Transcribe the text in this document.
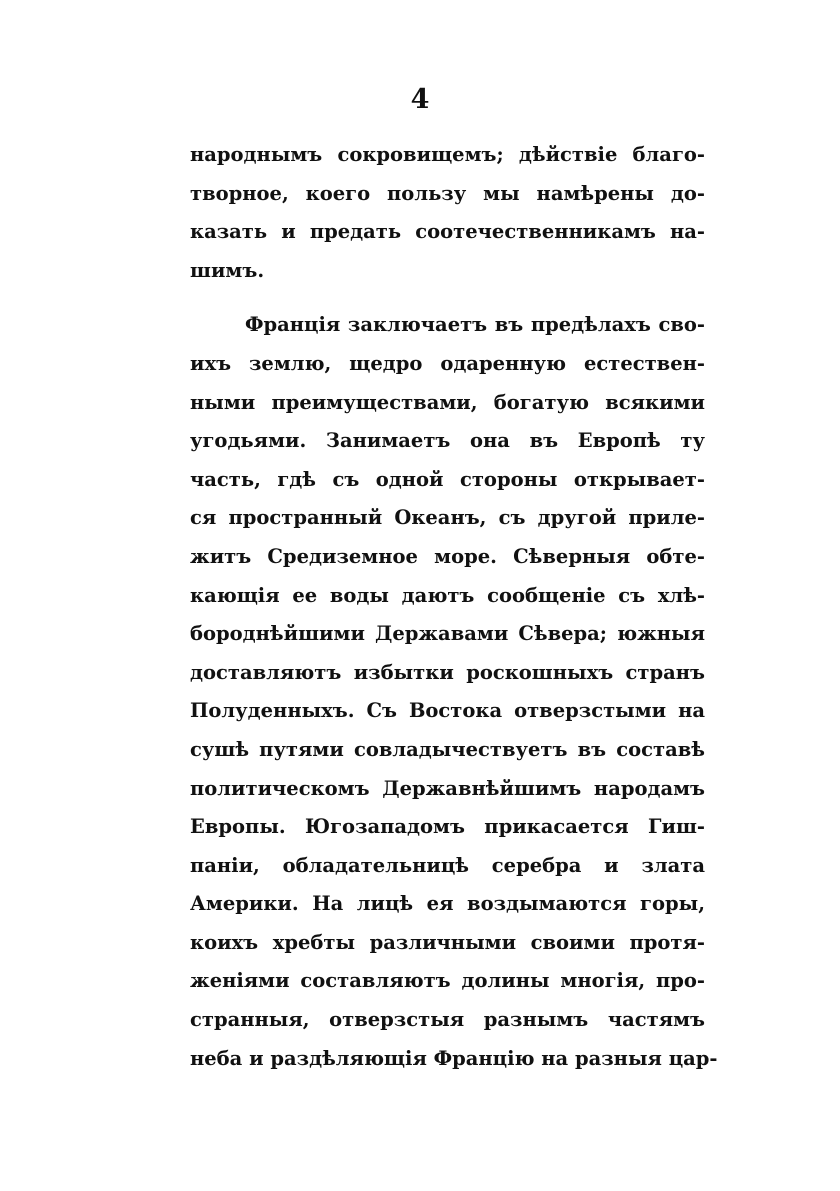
4
народнымъ сокровищемъ; дѣйствіе благо-
творное, коего пользу мы намѣрены до-
казать и предать соотечественникамъ на-
шимъ.
Франція заключаетъ въ предѣлахъ сво-
ихъ землю, щедро одаренную естествен-
ными преимуществами, богатую всякими
угодьями. Занимаетъ она въ Европѣ ту
часть, гдѣ съ одной стороны открывает-
ся пространный Океанъ, съ другой приле-
житъ Средиземное море. Сѣверныя обте-
кающія ее воды даютъ сообщеніе съ хлѣ-
бороднѣйшими Державами Сѣвера; южныя
доставляютъ избытки роскошныхъ странъ
Полуденныхъ. Съ Востока отверзстыми на
сушѣ путями совладычествуетъ въ составѣ
политическомъ Державнѣйшимъ народамъ
Европы. Югозападомъ прикасается Гиш-
паніи, обладательницѣ серебра и злата
Америки. На лицѣ ея воздымаются горы,
коихъ хребты различными своими протя-
женіями составляютъ долины многія, про-
странныя, отверзстыя разнымъ частямъ
неба и раздѣляющія Францію на разныя цар-
